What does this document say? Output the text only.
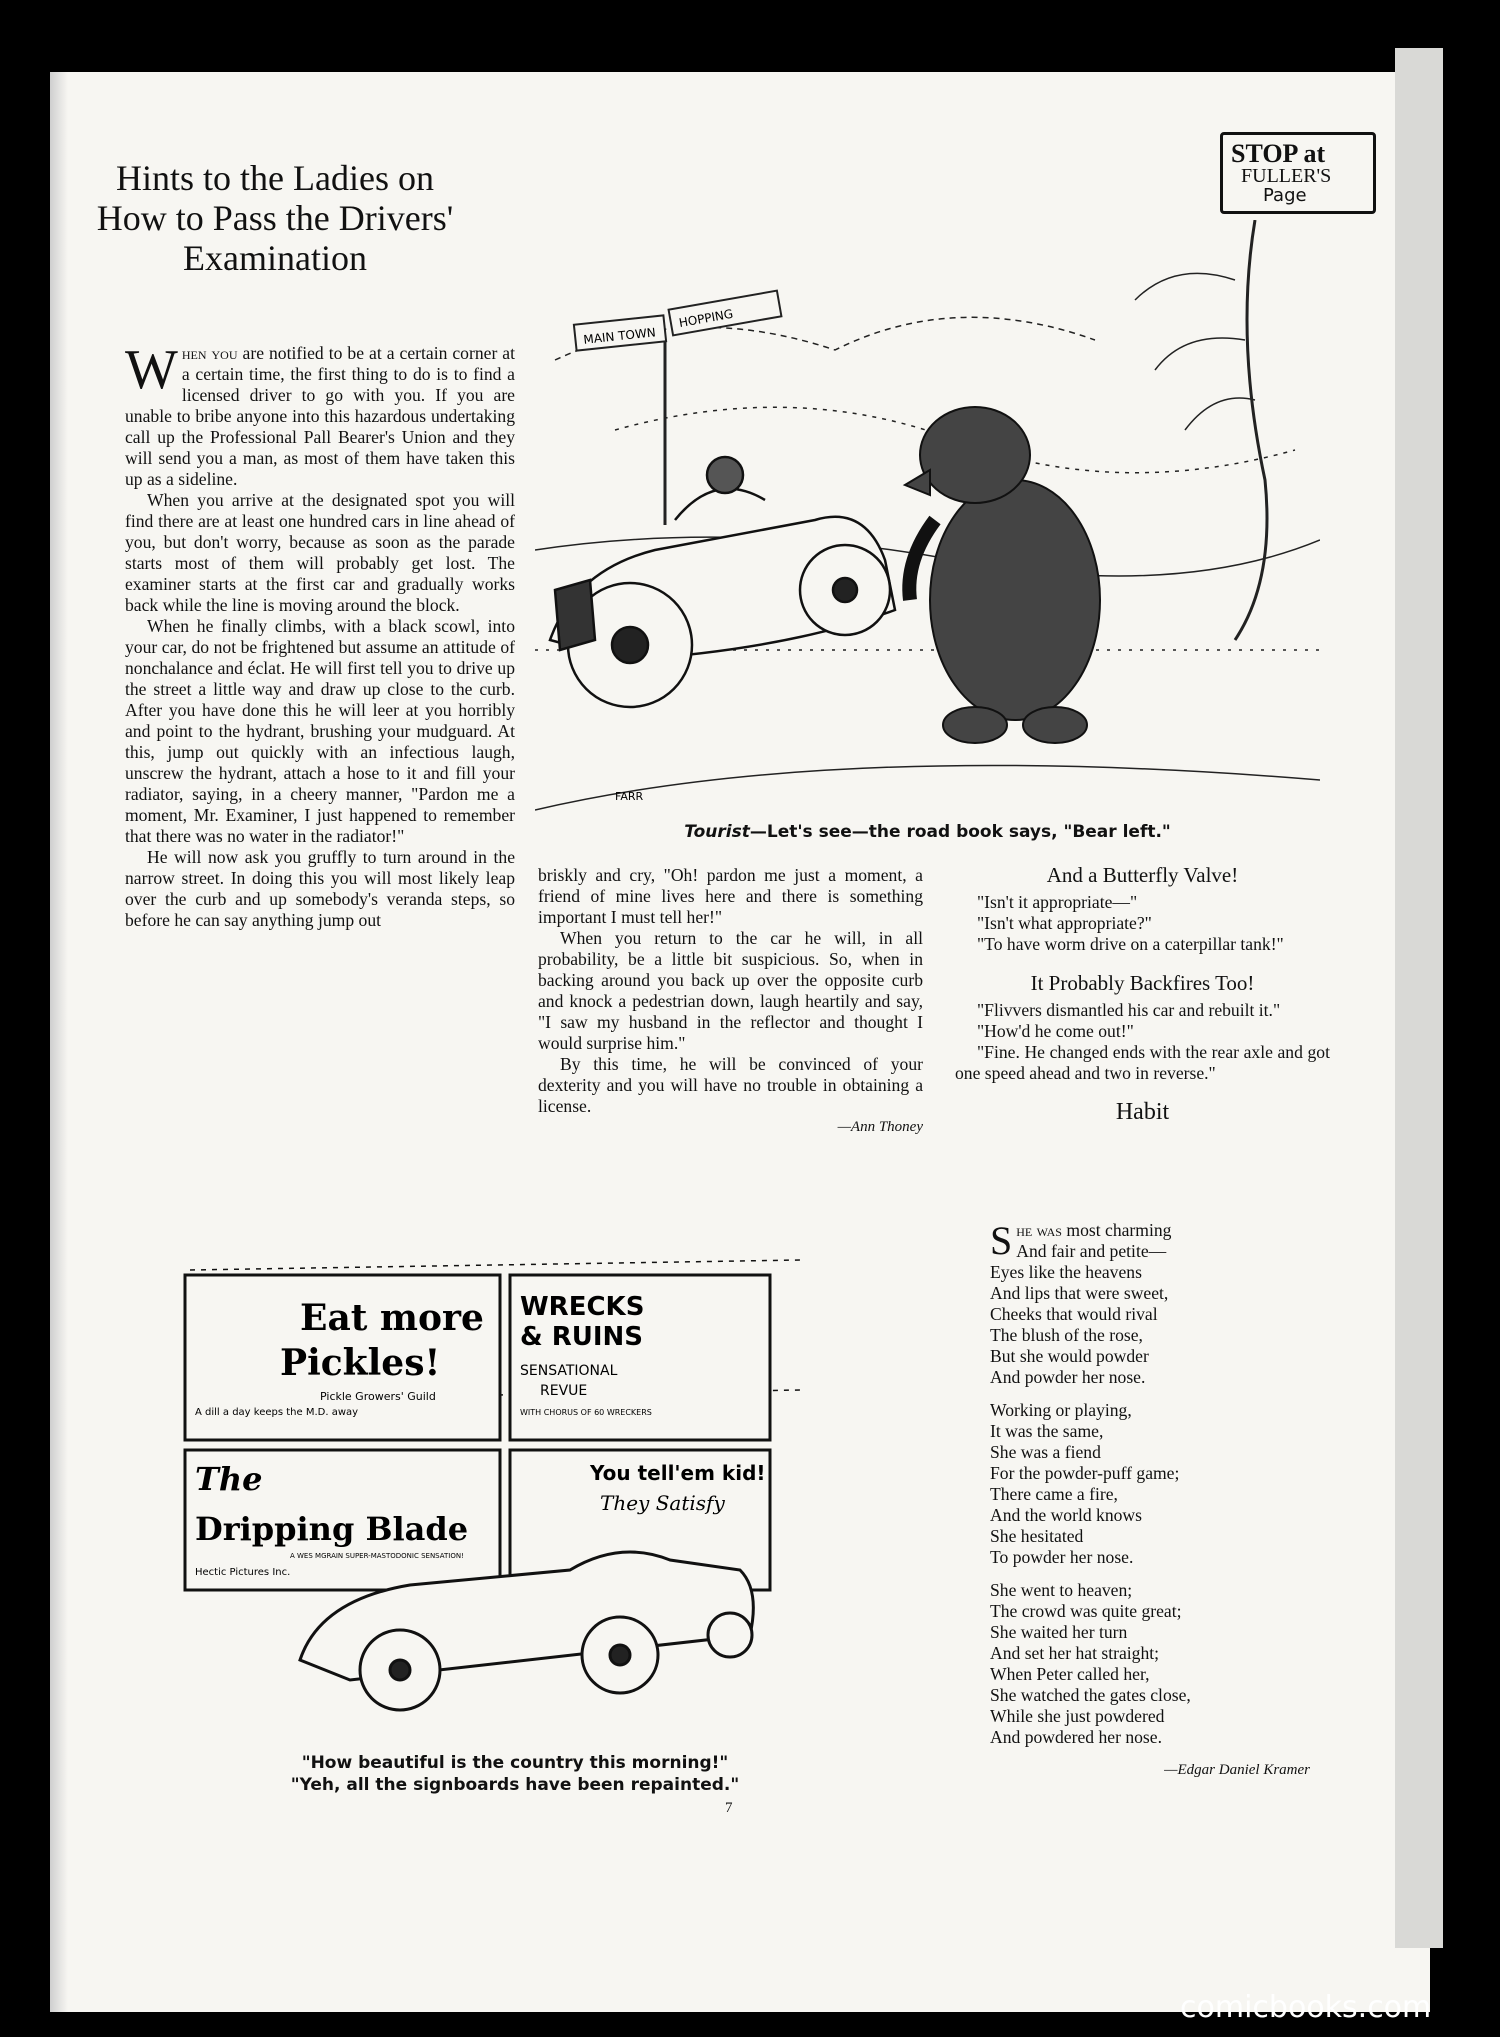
STOP at
FULLER'S
Page
Hints to the Ladies on How to Pass the Drivers' Examination

When you are notified to be at a certain corner at a certain time, the first thing to do is to find a licensed driver to go with you. If you are unable to bribe anyone into this hazardous undertaking call up the Professional Pall Bearer's Union and they will send you a man, as most of them have taken this up as a sideline.

When you arrive at the designated spot you will find there are at least one hundred cars in line ahead of you, but don't worry, because as soon as the parade starts most of them will probably get lost. The examiner starts at the first car and gradually works back while the line is moving around the block.

When he finally climbs, with a black scowl, into your car, do not be frightened but assume an attitude of nonchalance and éclat. He will first tell you to drive up the street a little way and draw up close to the curb. After you have done this he will leer at you horribly and point to the hydrant, brushing your mudguard. At this, jump out quickly with an infectious laugh, unscrew the hydrant, attach a hose to it and fill your radiator, saying, in a cheery manner, "Pardon me a moment, Mr. Examiner, I just happened to remember that there was no water in the radiator!"

He will now ask you gruffly to turn around in the narrow street. In doing this you will most likely leap over the curb and up somebody's veranda steps, so before he can say anything jump out

briskly and cry, "Oh! pardon me just a moment, a friend of mine lives here and there is something important I must tell her!"

When you return to the car he will, in all probability, be a little bit suspicious. So, when in backing around you back up over the opposite curb and knock a pedestrian down, laugh heartily and say, "I saw my husband in the reflector and thought I would surprise him."

By this time, he will be convinced of your dexterity and you will have no trouble in obtaining a license.

—Ann Thoney
MAIN TOWN
HOPPING
FARR
Tourist—Let's see—the road book says, "Bear left."
And a Butterfly Valve!

"Isn't it appropriate—"

"Isn't what appropriate?"

"To have worm drive on a caterpillar tank!"

It Probably Backfires Too!

"Flivvers dismantled his car and rebuilt it."

"How'd he come out!"

"Fine. He changed ends with the rear axle and got one speed ahead and two in reverse."

Habit
She was most charming
And fair and petite—
Eyes like the heavens
And lips that were sweet,
Cheeks that would rival
The blush of the rose,
But she would powder
And powder her nose.
Working or playing,
It was the same,
She was a fiend
For the powder-puff game;
There came a fire,
And the world knows
She hesitated
To powder her nose.
She went to heaven;
The crowd was quite great;
She waited her turn
And set her hat straight;
When Peter called her,
She watched the gates close,
While she just powdered
And powdered her nose.
—Edgar Daniel Kramer
Eat more
Pickles!
A dill a day keeps the M.D. away
Pickle Growers' Guild
WRECKS
& RUINS
SENSATIONAL
REVUE
WITH CHORUS OF 60 WRECKERS
The
Dripping Blade
A WES MGRAIN SUPER-MASTODONIC SENSATION!
Hectic Pictures Inc.
You tell'em kid!
They Satisfy
"How beautiful is the country this morning!"
"Yeh, all the signboards have been repainted."
7
comicbooks.com
